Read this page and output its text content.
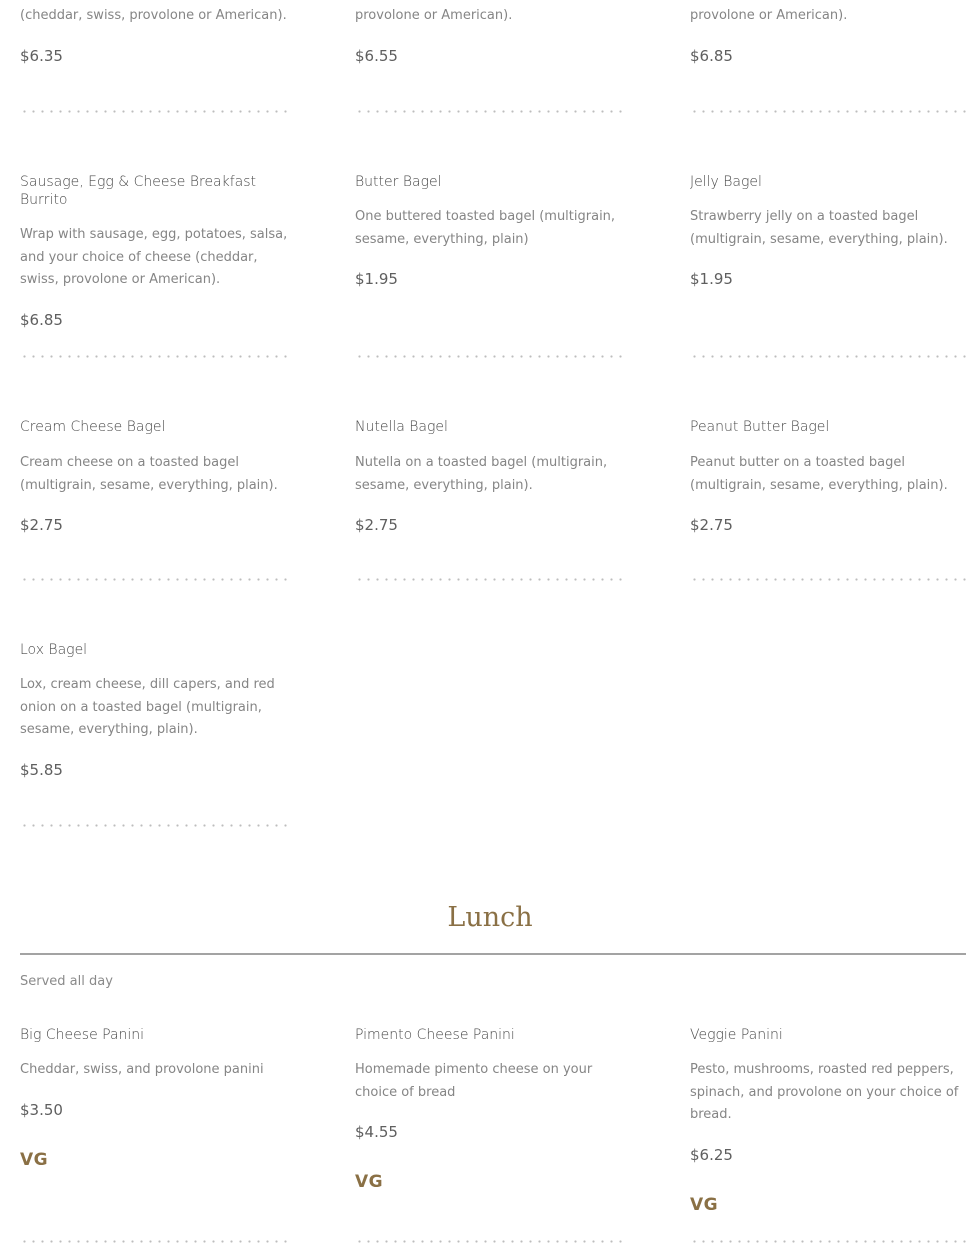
(cheddar, swiss, provolone or American).

$6.35

provolone or American).

$6.55

provolone or American).

$6.85

Sausage, Egg & Cheese Breakfast Burrito

Wrap with sausage, egg, potatoes, salsa, and your choice of cheese (cheddar, swiss, provolone or American).

$6.85

Butter Bagel

One buttered toasted bagel (multigrain, sesame, everything, plain)

$1.95

Jelly Bagel

Strawberry jelly on a toasted bagel (multigrain, sesame, everything, plain).

$1.95

Cream Cheese Bagel

Cream cheese on a toasted bagel (multigrain, sesame, everything, plain).

$2.75

Nutella Bagel

Nutella on a toasted bagel (multigrain, sesame, everything, plain).

$2.75

Peanut Butter Bagel

Peanut butter on a toasted bagel (multigrain, sesame, everything, plain).

$2.75

Lox Bagel

Lox, cream cheese, dill capers, and red onion on a toasted bagel (multigrain, sesame, everything, plain).

$5.85

Lunch

Served all day

Big Cheese Panini

Cheddar, swiss, and provolone panini

$3.50

VG

Pimento Cheese Panini

Homemade pimento cheese on your choice of bread

$4.55

VG

Veggie Panini

Pesto, mushrooms, roasted red peppers, spinach, and provolone on your choice of bread.

$6.25

VG
